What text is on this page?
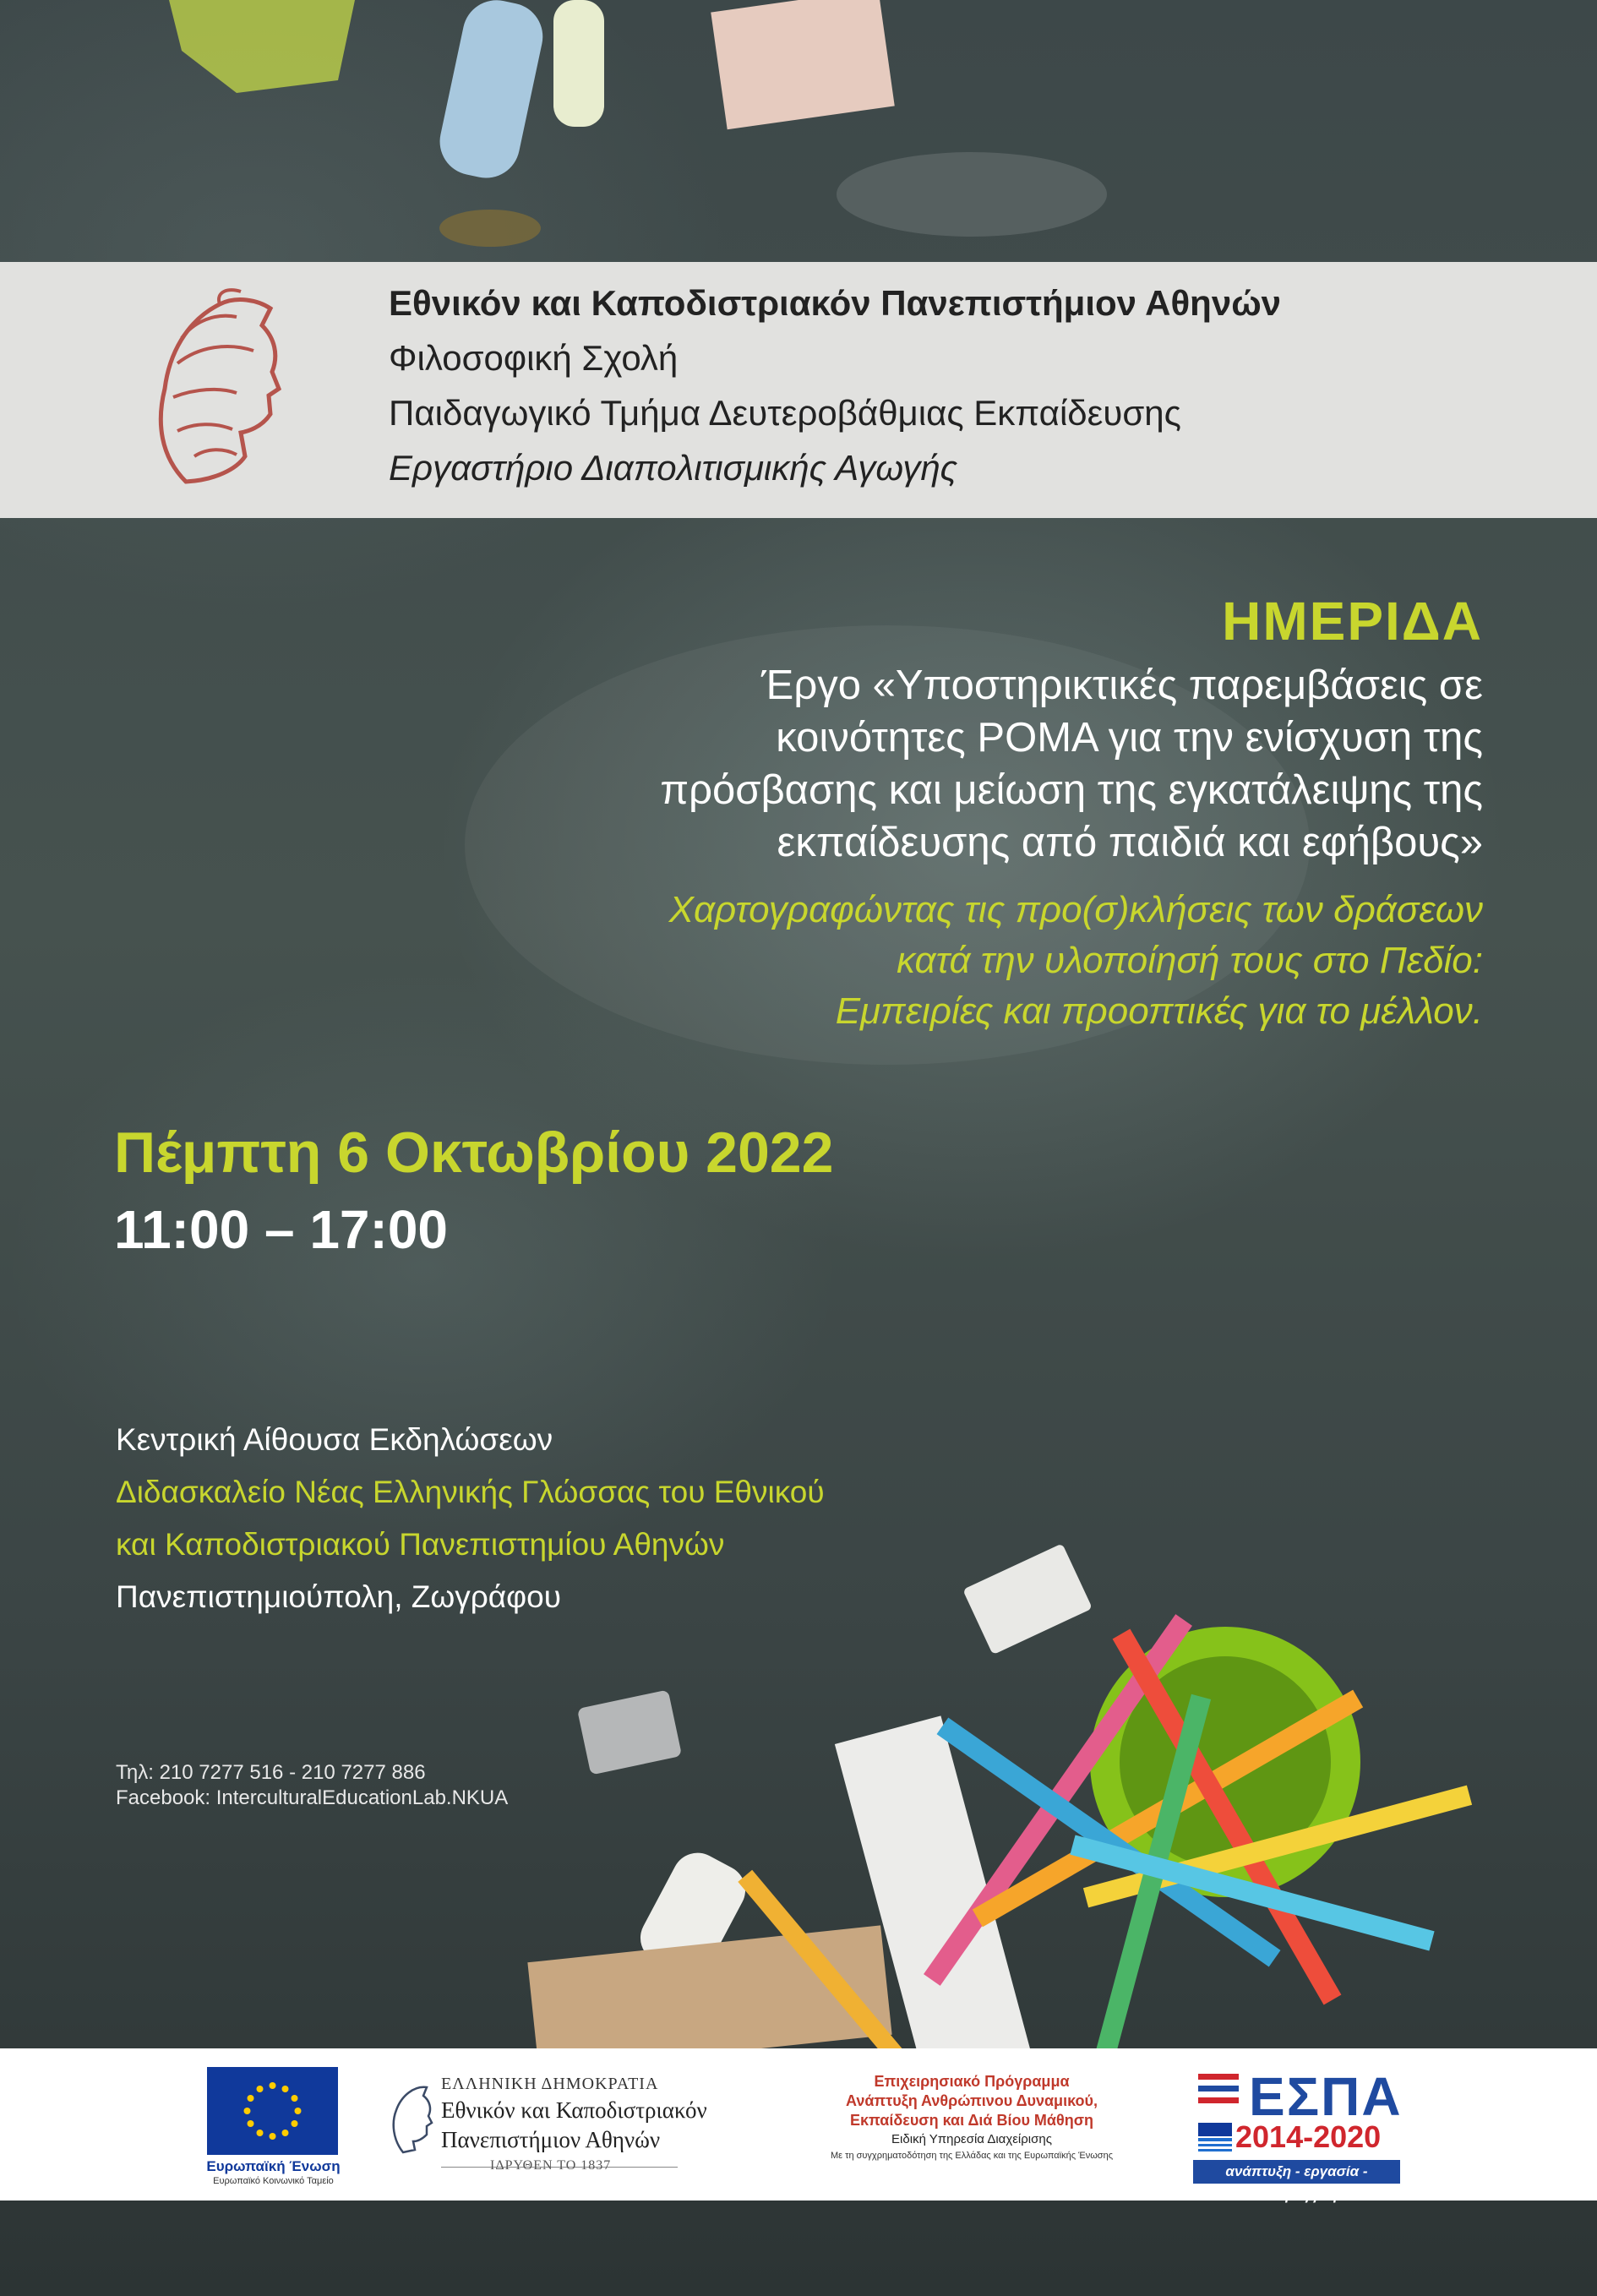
Εθνικόν και Καποδιστριακόν Πανεπιστήμιον Αθηνών
Φιλοσοφική Σχολή
Παιδαγωγικό Τμήμα Δευτεροβάθμιας Εκπαίδευσης
Εργαστήριο Διαπολιτισμικής Αγωγής
ΗΜΕΡΙΔΑ
Έργο «Υποστηρικτικές παρεμβάσεις σε
κοινότητες ΡΟΜΑ για την ενίσχυση της
πρόσβασης και μείωση της εγκατάλειψης της
εκπαίδευσης από παιδιά και εφήβους»
Χαρτογραφώντας τις προ(σ)κλήσεις των δράσεων
κατά την υλοποίησή τους στο Πεδίο:
Εμπειρίες και προοπτικές για το μέλλον.
Πέμπτη 6 Οκτωβρίου 2022
11:00 – 17:00
Κεντρική Αίθουσα Εκδηλώσεων
Διδασκαλείο Νέας Ελληνικής Γλώσσας του Εθνικού
και Καποδιστριακού Πανεπιστημίου Αθηνών
Πανεπιστημιούπολη, Ζωγράφου
Τηλ: 210 7277 516 - 210 7277 886
Facebook: InterculturalEducationLab.NKUA
Ευρωπαϊκή Ένωση
Ευρωπαϊκό Κοινωνικό Ταμείο
ΕΛΛΗΝΙΚΗ ΔΗΜΟΚΡΑΤΙΑ
Εθνικόν και Καποδιστριακόν
Πανεπιστήμιον Αθηνών
ΙΔΡΥΘΕΝ ΤΟ 1837
Επιχειρησιακό Πρόγραμμα
Ανάπτυξη Ανθρώπινου Δυναμικού,
Εκπαίδευση και Διά Βίου Μάθηση
Ειδική Υπηρεσία Διαχείρισης
Με τη συγχρηματοδότηση της Ελλάδας και της Ευρωπαϊκής Ένωσης
ΕΣΠΑ
2014-2020
ανάπτυξη - εργασία - αλληλεγγύη
